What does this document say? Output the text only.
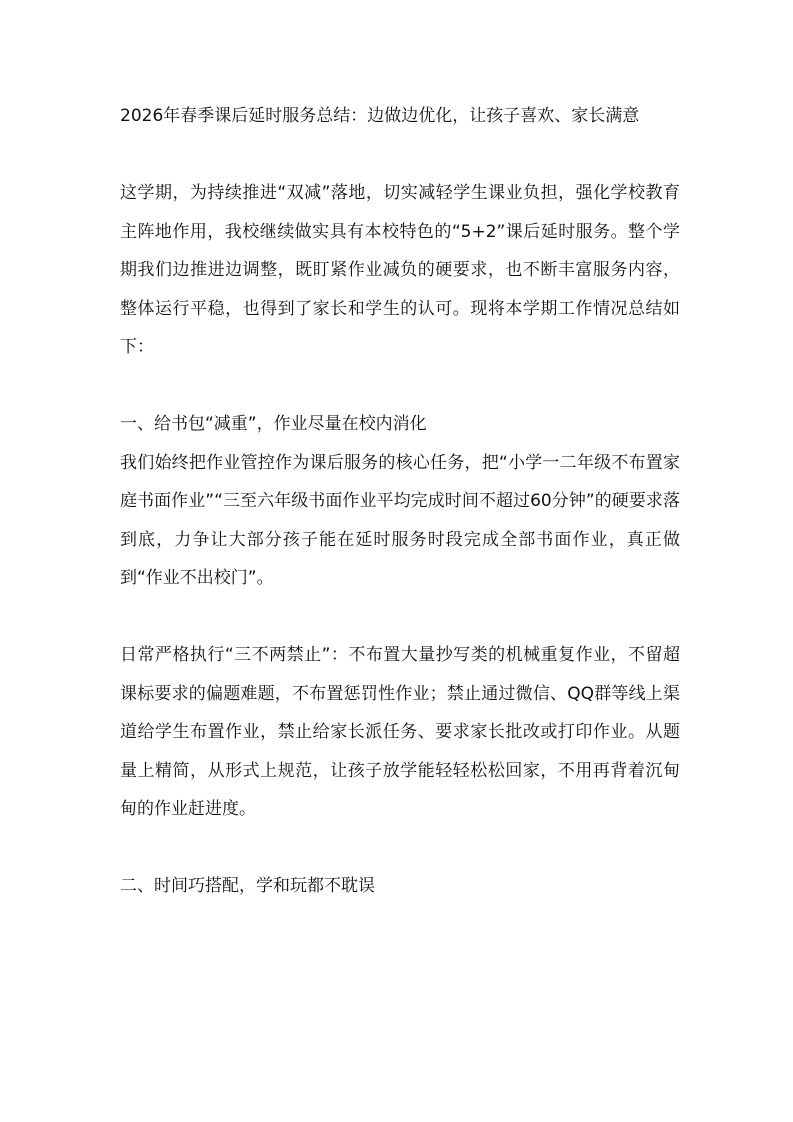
2026年春季课后延时服务总结：边做边优化，让孩子喜欢、家长满意

这学期，为持续推进“双减”落地，切实减轻学生课业负担，强化学校教育主阵地作用，我校继续做实具有本校特色的“5+2”课后延时服务。整个学期我们边推进边调整，既盯紧作业减负的硬要求，也不断丰富服务内容，整体运行平稳，也得到了家长和学生的认可。现将本学期工作情况总结如下：

一、给书包“减重”，作业尽量在校内消化

我们始终把作业管控作为课后服务的核心任务，把“小学一二年级不布置家庭书面作业”“三至六年级书面作业平均完成时间不超过60分钟”的硬要求落到底，力争让大部分孩子能在延时服务时段完成全部书面作业，真正做到“作业不出校门”。

日常严格执行“三不两禁止”：不布置大量抄写类的机械重复作业，不留超课标要求的偏题难题，不布置惩罚性作业；禁止通过微信、QQ群等线上渠道给学生布置作业，禁止给家长派任务、要求家长批改或打印作业。从题量上精简，从形式上规范，让孩子放学能轻轻松松回家，不用再背着沉甸甸的作业赶进度。

二、时间巧搭配，学和玩都不耽误
